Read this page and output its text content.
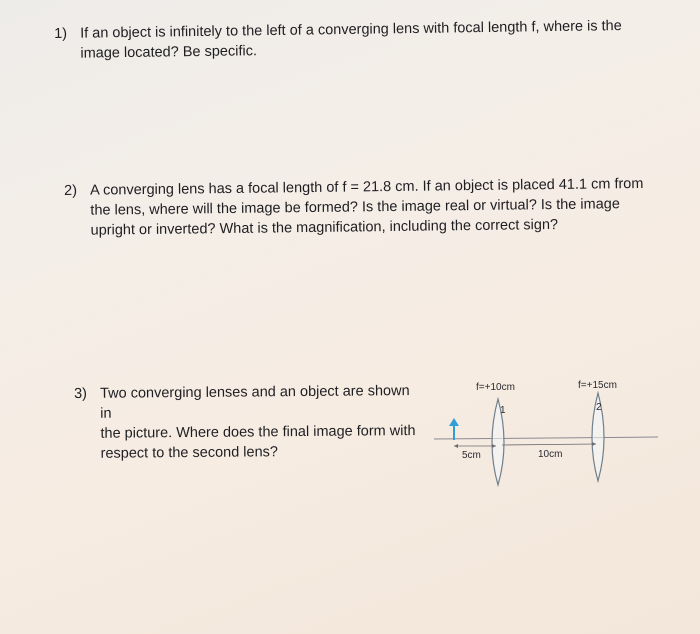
1) If an object is infinitely to the left of a converging lens with focal length f, where is the
image located? Be specific.
2) A converging lens has a focal length of f = 21.8 cm. If an object is placed 41.1 cm from
the lens, where will the image be formed? Is the image real or virtual? Is the image
upright or inverted? What is the magnification, including the correct sign?
3) Two converging lenses and an object are shown in
the picture. Where does the final image form with
respect to the second lens?
1	2
f=+10cm	f=+15cm
5cm	10cm
